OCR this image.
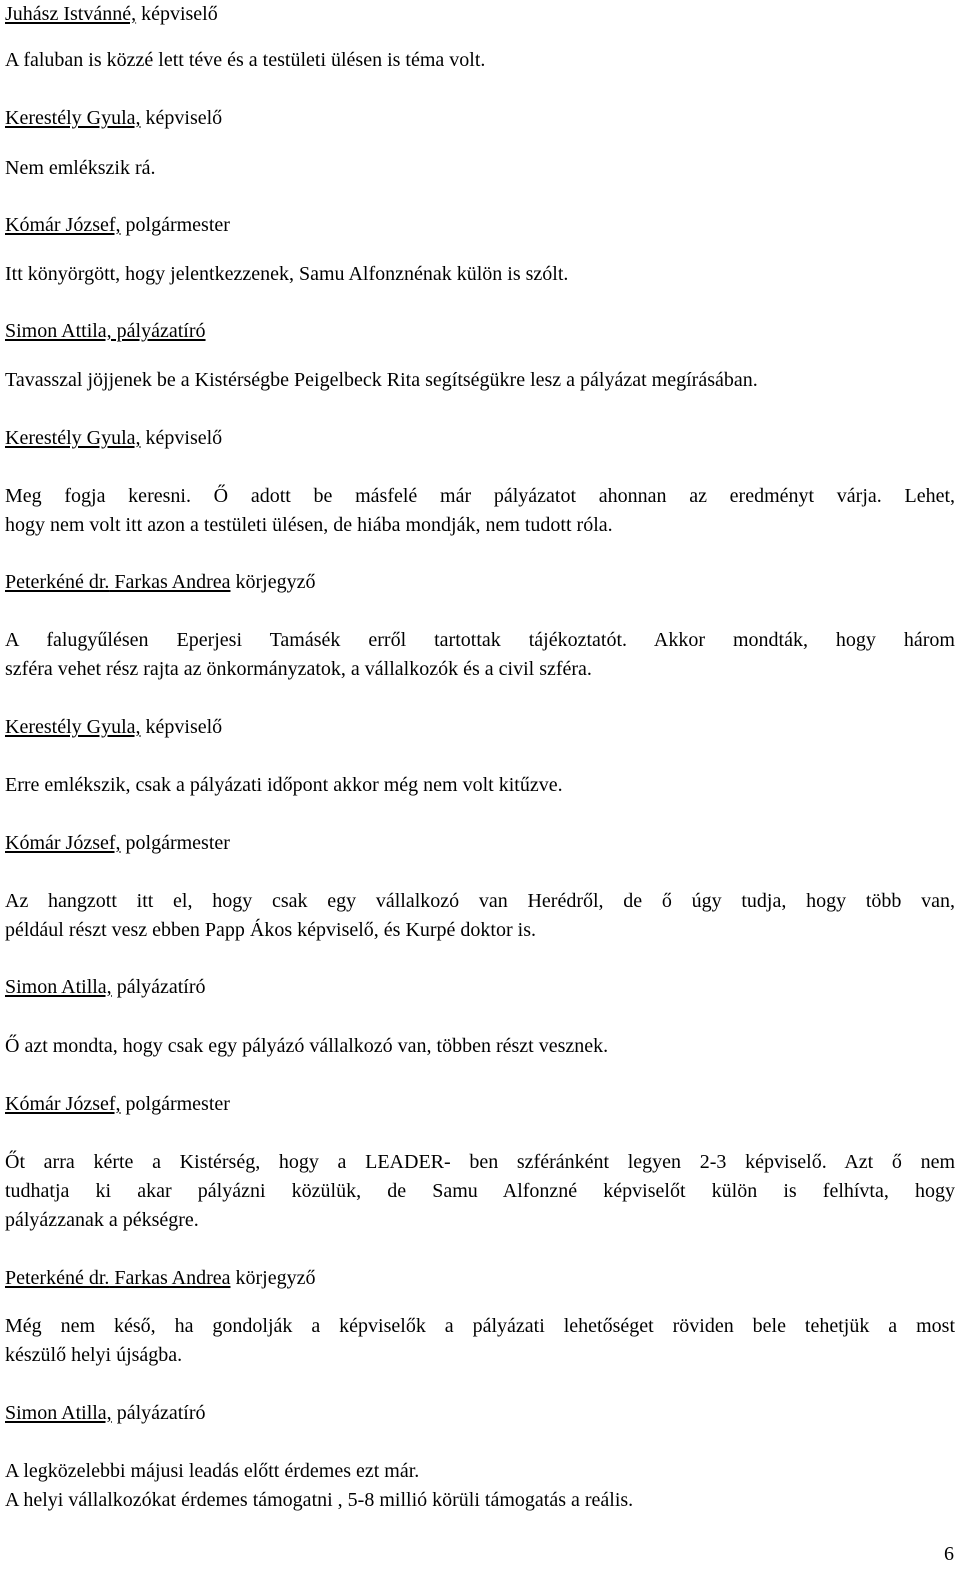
Juhász Istvánné, képviselő
A faluban is közzé lett téve és a testületi ülésen is téma volt.
Kerestély Gyula, képviselő
Nem emlékszik rá.
Kómár József, polgármester
Itt könyörgött, hogy jelentkezzenek, Samu Alfonznénak külön is szólt.
Simon Attila, pályázatíró
Tavasszal jöjjenek be a Kistérségbe Peigelbeck Rita segítségükre lesz a pályázat megírásában.
Kerestély Gyula, képviselő
Meg fogja keresni. Ő adott be másfelé már pályázatot ahonnan az eredményt várja. Lehet,
hogy nem volt itt azon a testületi ülésen, de hiába mondják, nem tudott róla.
Peterkéné dr. Farkas Andrea körjegyző
A falugyűlésen Eperjesi Tamásék erről tartottak tájékoztatót. Akkor mondták, hogy három
szféra vehet rész rajta az önkormányzatok, a vállalkozók és a civil szféra.
Kerestély Gyula, képviselő
Erre emlékszik, csak a pályázati időpont akkor még nem volt kitűzve.
Kómár József, polgármester
Az hangzott itt el, hogy csak egy vállalkozó van Herédről, de ő úgy tudja, hogy több van,
például részt vesz ebben Papp Ákos képviselő, és Kurpé doktor is.
Simon Atilla, pályázatíró
Ő azt mondta, hogy csak egy pályázó vállalkozó van, többen részt vesznek.
Kómár József, polgármester
Őt arra kérte a Kistérség, hogy a LEADER- ben szféránként legyen 2-3 képviselő. Azt ő nem
tudhatja ki akar pályázni közülük, de Samu Alfonzné képviselőt külön is felhívta, hogy
pályázzanak a pékségre.
Peterkéné dr. Farkas Andrea körjegyző
Még nem késő, ha gondolják a képviselők a pályázati lehetőséget röviden bele tehetjük a most
készülő helyi újságba.
Simon Atilla, pályázatíró
A legközelebbi májusi leadás előtt érdemes ezt már.
A helyi vállalkozókat érdemes támogatni , 5-8 millió körüli támogatás a reális.
6
